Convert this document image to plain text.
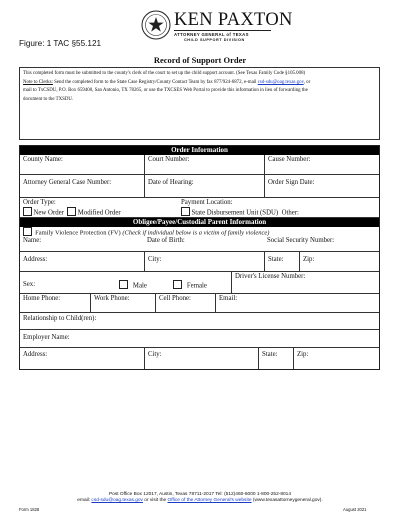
KEN PAXTON
ATTORNEY GENERAL of TEXAS
CHILD SUPPORT DIVISION
Figure: 1 TAC §55.121
Record of Support Order
This completed form must be submitted to the county's clerk of the court to set up the child support account. (See Texas Family Code §105.008)
Note to Clerks: Send the completed form to the State Case Registry/County Contact Team by fax 877/924-6872, e-mail csd-sdu@oag.texas.gov, or
mail to TxCSDU, P.O. Box 659400, San Antonio, TX 78265, or use the TXCSES Web Portal to provide this information in lieu of forwarding the
document to the TXSDU.
Order Information
County Name:	Court Number:	Cause Number:
Attorney General Case Number:	Date of Hearing:	Order Sign Date:
Order Type:
New Order Modified Order
Payment Location:
State Disbursement Unit (SDU) Other:
Obligee/Payee/Custodial Parent Information
Family Violence Protection (FV) (Check if individual below is a victim of family violence)
Name:	Date of Birth:	Social Security Number:
Address:	City:	State:	Zip:
Sex:	Male	Female
Driver's License Number:
Home Phone:	Work Phone:	Cell Phone:	Email:
Relationship to Child(ren):
Employer Name:
Address:	City:	State:	Zip:
Post Office Box 12017, Austin, Texas 78711-2017 Tel: (512)460-6000 1-800-252-8014
email: csd-sdu@oag.texas.gov or visit the Office of the Attorney General's website (www.texasattorneygeneral.gov).
Form 1828	August 2021
